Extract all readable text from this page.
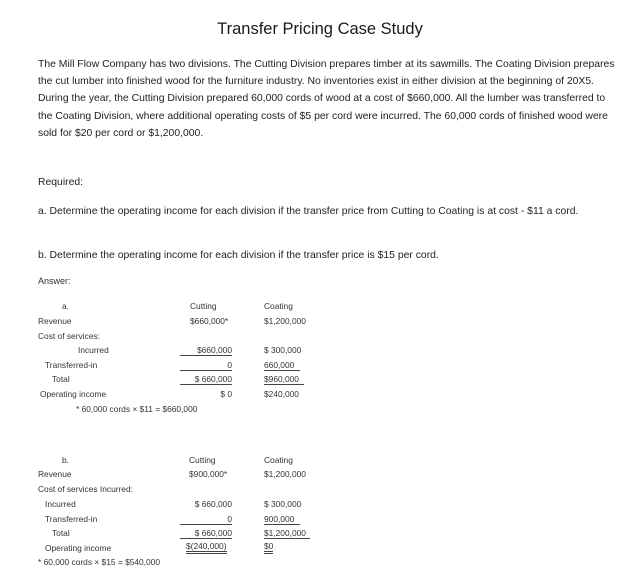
Transfer Pricing Case Study
The Mill Flow Company has two divisions. The Cutting Division prepares timber at its sawmills. The Coating Division prepares the cut lumber into finished wood for the furniture industry. No inventories exist in either division at the beginning of 20X5. During the year, the Cutting Division prepared 60,000 cords of wood at a cost of $660,000. All the lumber was transferred to the Coating Division, where additional operating costs of $5 per cord were incurred. The 60,000 cords of finished wood were sold for $20 per cord or $1,200,000.
Required:
a. Determine the operating income for each division if the transfer price from Cutting to Coating is at cost - $11 a cord.
b. Determine the operating income for each division if the transfer price is $15 per cord.
Answer:
a.	Cutting	Coating
Revenue	$660,000*	$1,200,000
Cost of services:
Incurred	$660,000	$ 300,000
Transferred-in	0	660,000
Total	$ 660,000	$960,000
Operating income	$ 0	$240,000
* 60,000 cords × $11 = $660,000
b.	Cutting	Coating
Revenue	$900,000*	$1,200,000
Cost of services Incurred:
Incurred	$ 660,000	$ 300,000
Transferred-in	0	900,000
Total	$ 660,000	$1,200,000
Operating income	$(240,000)	$0
* 60,000 cords × $15 = $540,000
